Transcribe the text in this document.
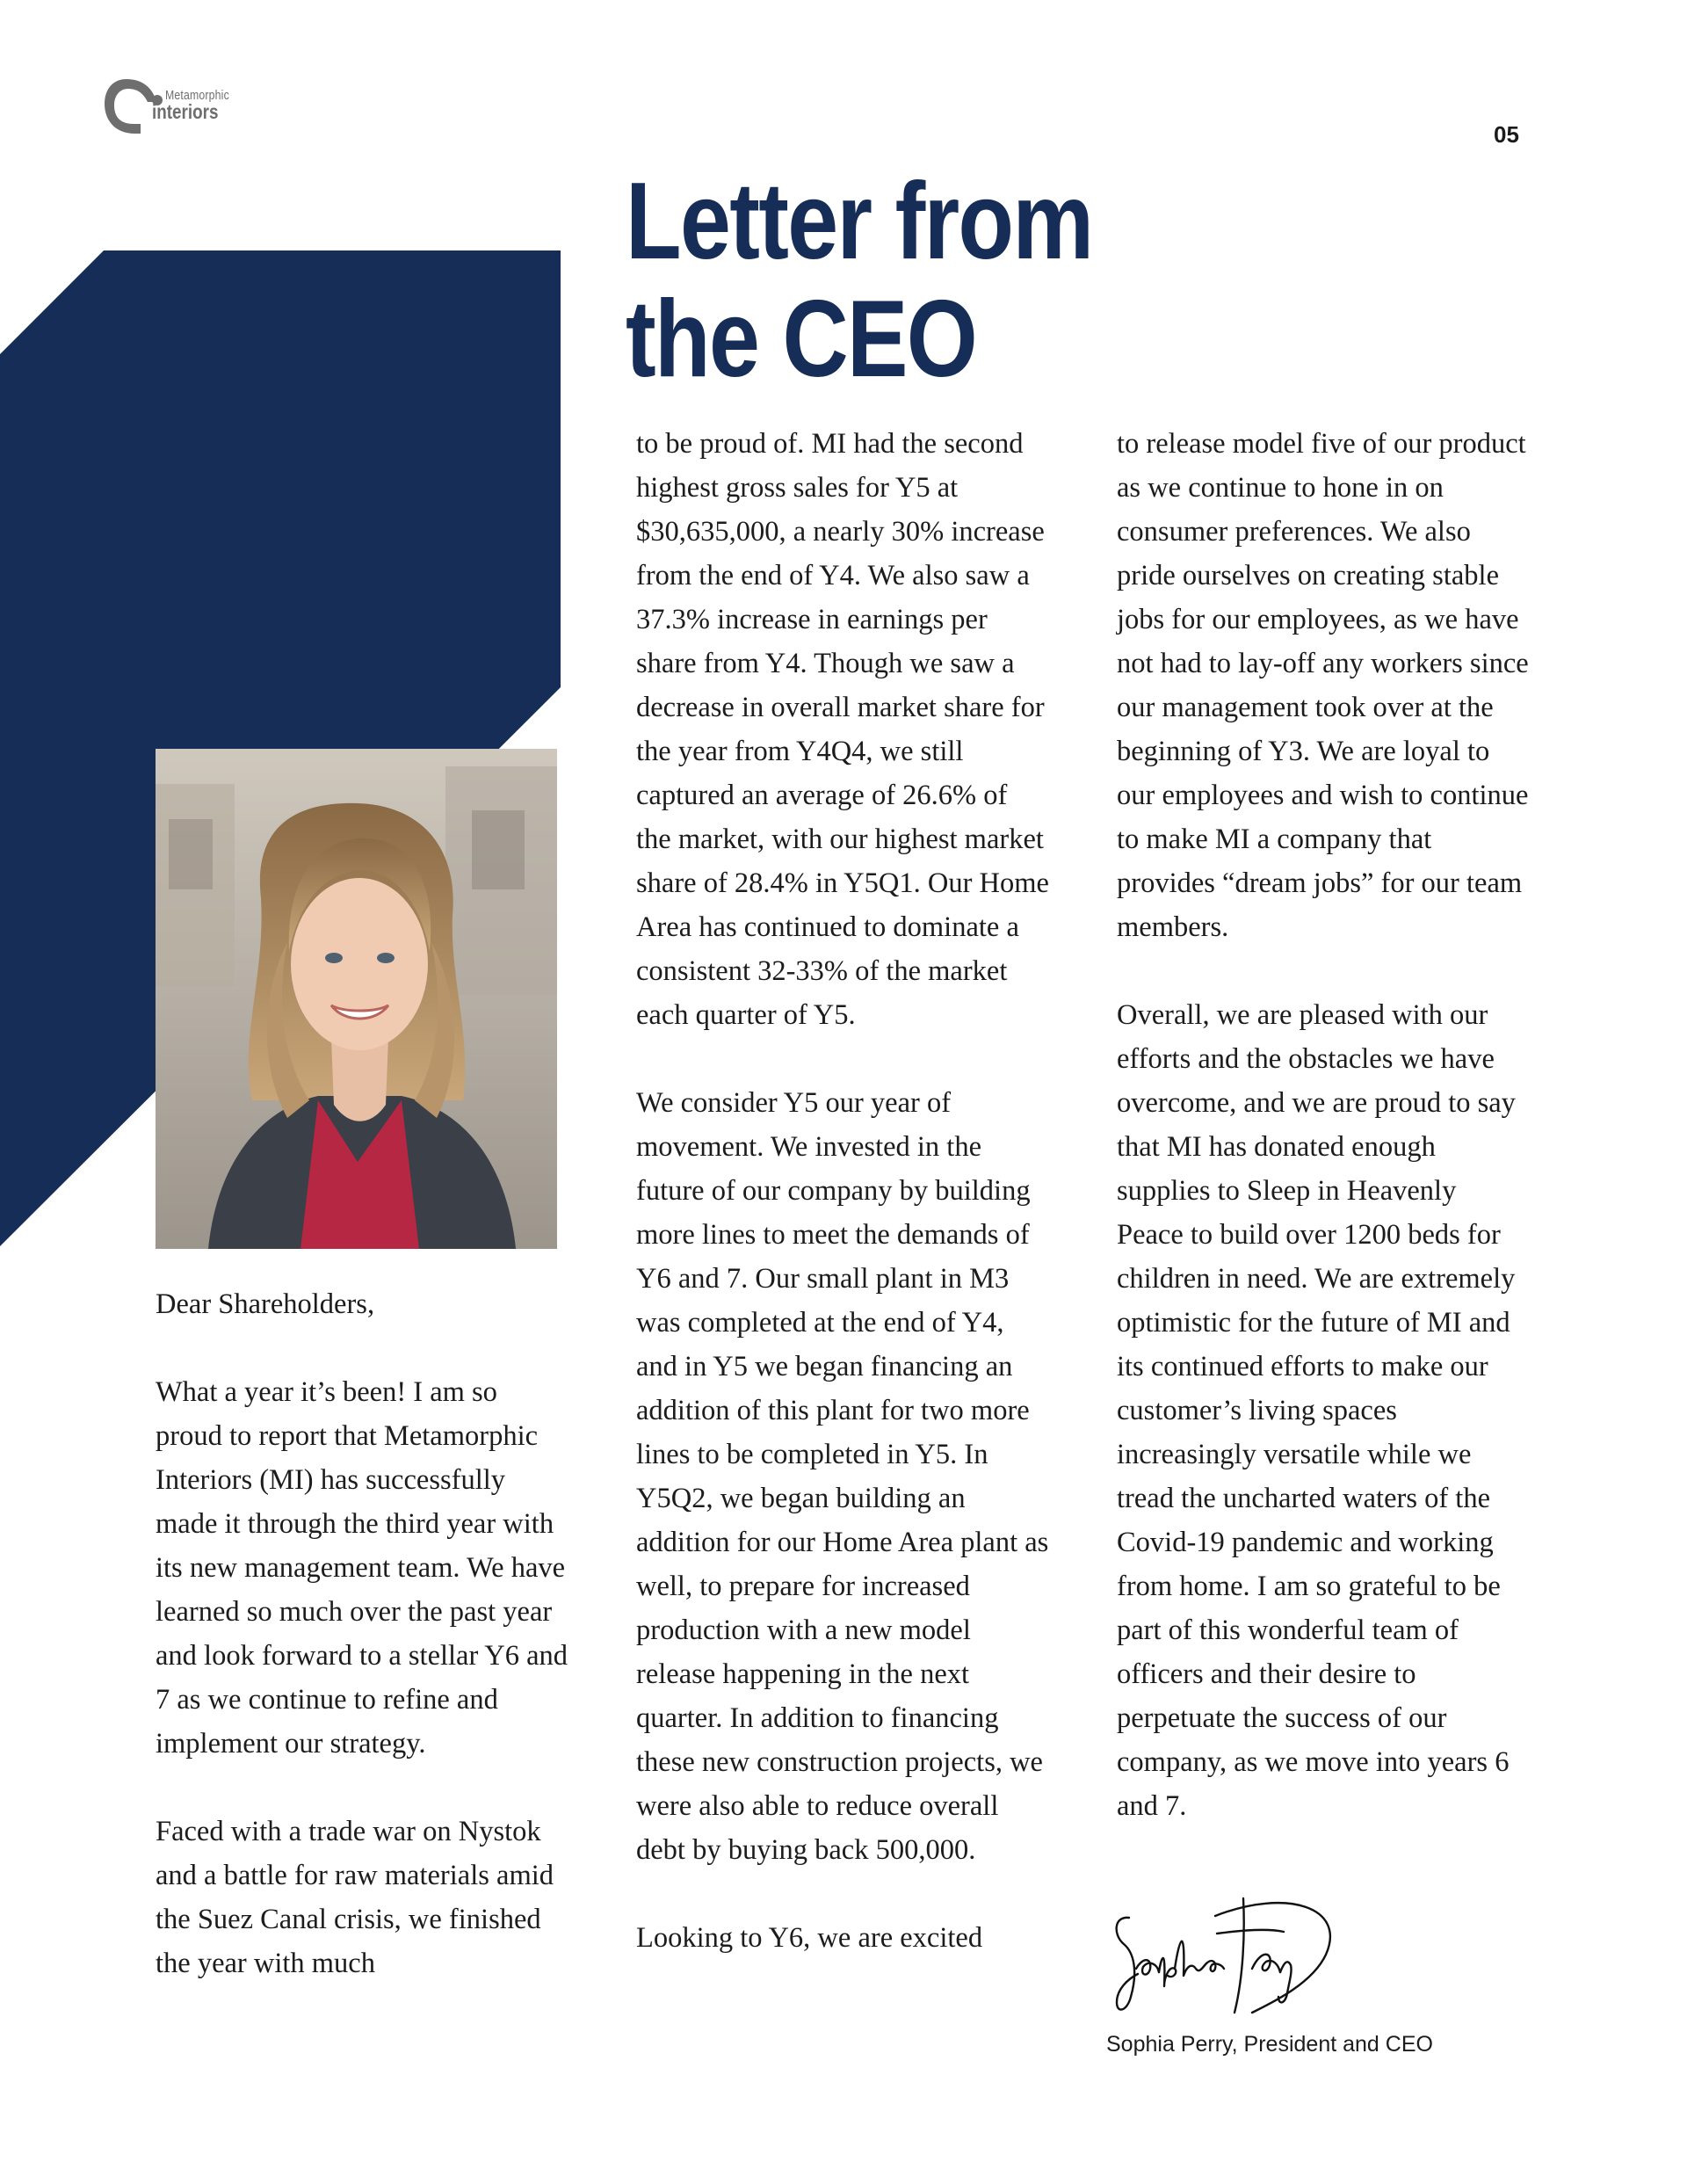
Metamorphic
interiors
05
Letter from
the CEO

Dear Shareholders,

What a year it’s been! I am so proud to report that Metamorphic Interiors (MI) has successfully made it through the third year with its new management team. We have learned so much over the past year and look forward to a stellar Y6 and 7 as we continue to refine and implement our strategy.

Faced with a trade war on Nystok and a battle for raw materials amid the Suez Canal crisis, we finished the year with much

to be proud of. MI had the second highest gross sales for Y5 at $30,635,000, a nearly 30% increase from the end of Y4. We also saw a 37.3% increase in earnings per share from Y4. Though we saw a decrease in overall market share for the year from Y4Q4, we still captured an average of 26.6% of the market, with our highest market share of 28.4% in Y5Q1. Our Home Area has continued to dominate a consistent 32-33% of the market each quarter of Y5.

We consider Y5 our year of movement. We invested in the future of our company by building more lines to meet the demands of Y6 and 7. Our small plant in M3 was completed at the end of Y4, and in Y5 we began financing an addition of this plant for two more lines to be completed in Y5. In Y5Q2, we began building an addition for our Home Area plant as well, to prepare for increased production with a new model release happening in the next quarter. In addition to financing these new construction projects, we were also able to reduce overall debt by buying back 500,000.

Looking to Y6, we are excited

to release model five of our product as we continue to hone in on consumer preferences. We also pride ourselves on creating stable jobs for our employees, as we have not had to lay-off any workers since our management took over at the beginning of Y3. We are loyal to our employees and wish to continue to make MI a company that provides “dream jobs” for our team members.

Overall, we are pleased with our efforts and the obstacles we have overcome, and we are proud to say that MI has donated enough supplies to Sleep in Heavenly Peace to build over 1200 beds for children in need. We are extremely optimistic for the future of MI and its continued efforts to make our customer’s living spaces increasingly versatile while we tread the uncharted waters of the Covid-19 pandemic and working from home. I am so grateful to be part of this wonderful team of officers and their desire to perpetuate the success of our company, as we move into years 6 and 7.

Sophia Perry, President and CEO
